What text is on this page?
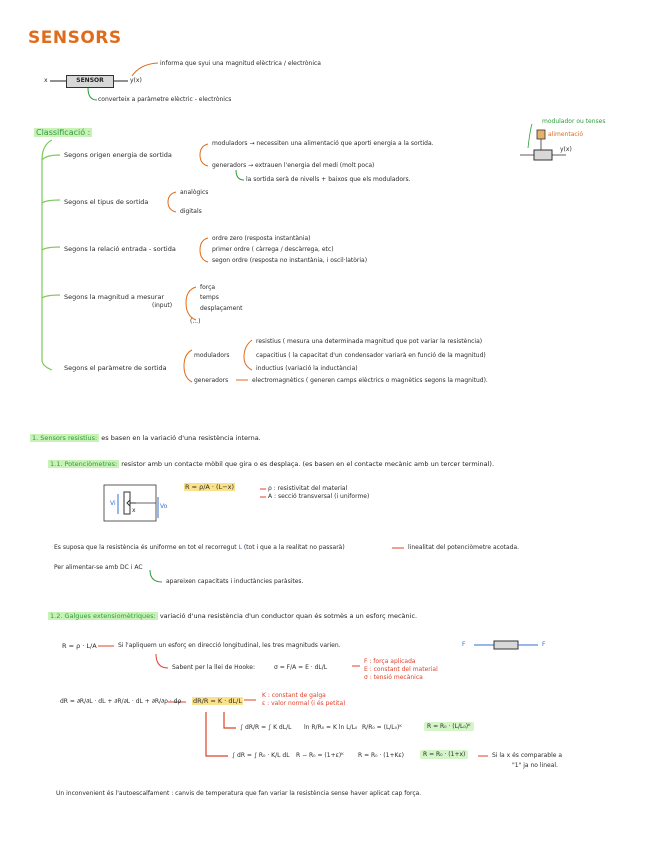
SENSORS
x	SENSOR	y(x)
informa que syui una magnitud elèctrica / electrònica
converteix a paràmetre elèctric - electrònics
Classificació :
modulador ou tenses
alimentació
y(x)
Segons origen energia de sortida
moduladors → necessiten una alimentació que aporti energia a la sortida.
generadors → extrauen l'energia del medi (molt poca)
la sortida serà de nivells + baixos que els moduladors.
Segons el tipus de sortida
analògics
digitals
Segons la relació entrada - sortida
ordre zero (resposta instantània)
primer ordre ( càrrega / descàrrega, etc)
segon ordre (resposta no instantània, i oscil·latòria)
Segons la magnitud a mesurar
(input)
força
temps
desplaçament
(...)
Segons el paràmetre de sortida
moduladors
generadors
resistius ( mesura una determinada magnitud que pot variar la resistència)
capacitius ( la capacitat d'un condensador variarà en funció de la magnitud)
inductius (variació la inductància)
electromagnètics ( generen camps elèctrics o magnètics segons la magnitud).
1. Sensors resistius: es basen en la variació d'una resistència interna.
1.1. Potenciòmetres: resistor amb un contacte mòbil que gira o es desplaça. (es basen en el contacte mecànic amb un tercer terminal).
Vi	Vo
x
R = ρ/A · (L−x)	ρ : resistivitat del material
A : secció transversal (i uniforme)
Es suposa que la resistència és uniforme en tot el recorregut L (tot i que a la realitat no passarà)	linealitat del potenciòmetre acotada.
Per alimentar-se amb DC i AC
apareixen capacitats i inductàncies paràsites.
1.2. Galgues extensiomètriques: variació d'una resistència d'un conductor quan és sotmès a un esforç mecànic.
R = ρ · L/A	Si l'apliquem un esforç en direcció longitudinal, les tres magnituds varien.	F	F
Sabent per la llei de Hooke:	σ = F/A = E · dL/L
F : força aplicada
E : constant del material
σ : tensió mecànica
dR = ∂R/∂L · dL + ∂R/∂L · dL + ∂R/∂ρ · dρ dR/R = K · dL/L
K : constant de galga
ε : valor normal (i és petita)
∫ dR/R = ∫ K dL/L ln R/R₀ = K ln L/L₀ R/R₀ = (L/L₀)ᴷ	R = R₀ · (L/L₀)ᴷ
∫ dR = ∫ R₀ · K/L dL R − R₀ = (1+ε)ᴷ R = R₀ · (1+Kε)	R = R₀ · (1+x)	Si la x és comparable a
"1" ja no lineal.
Un inconvenient és l'autoescalfament : canvis de temperatura que fan variar la resistència sense haver aplicat cap força.
